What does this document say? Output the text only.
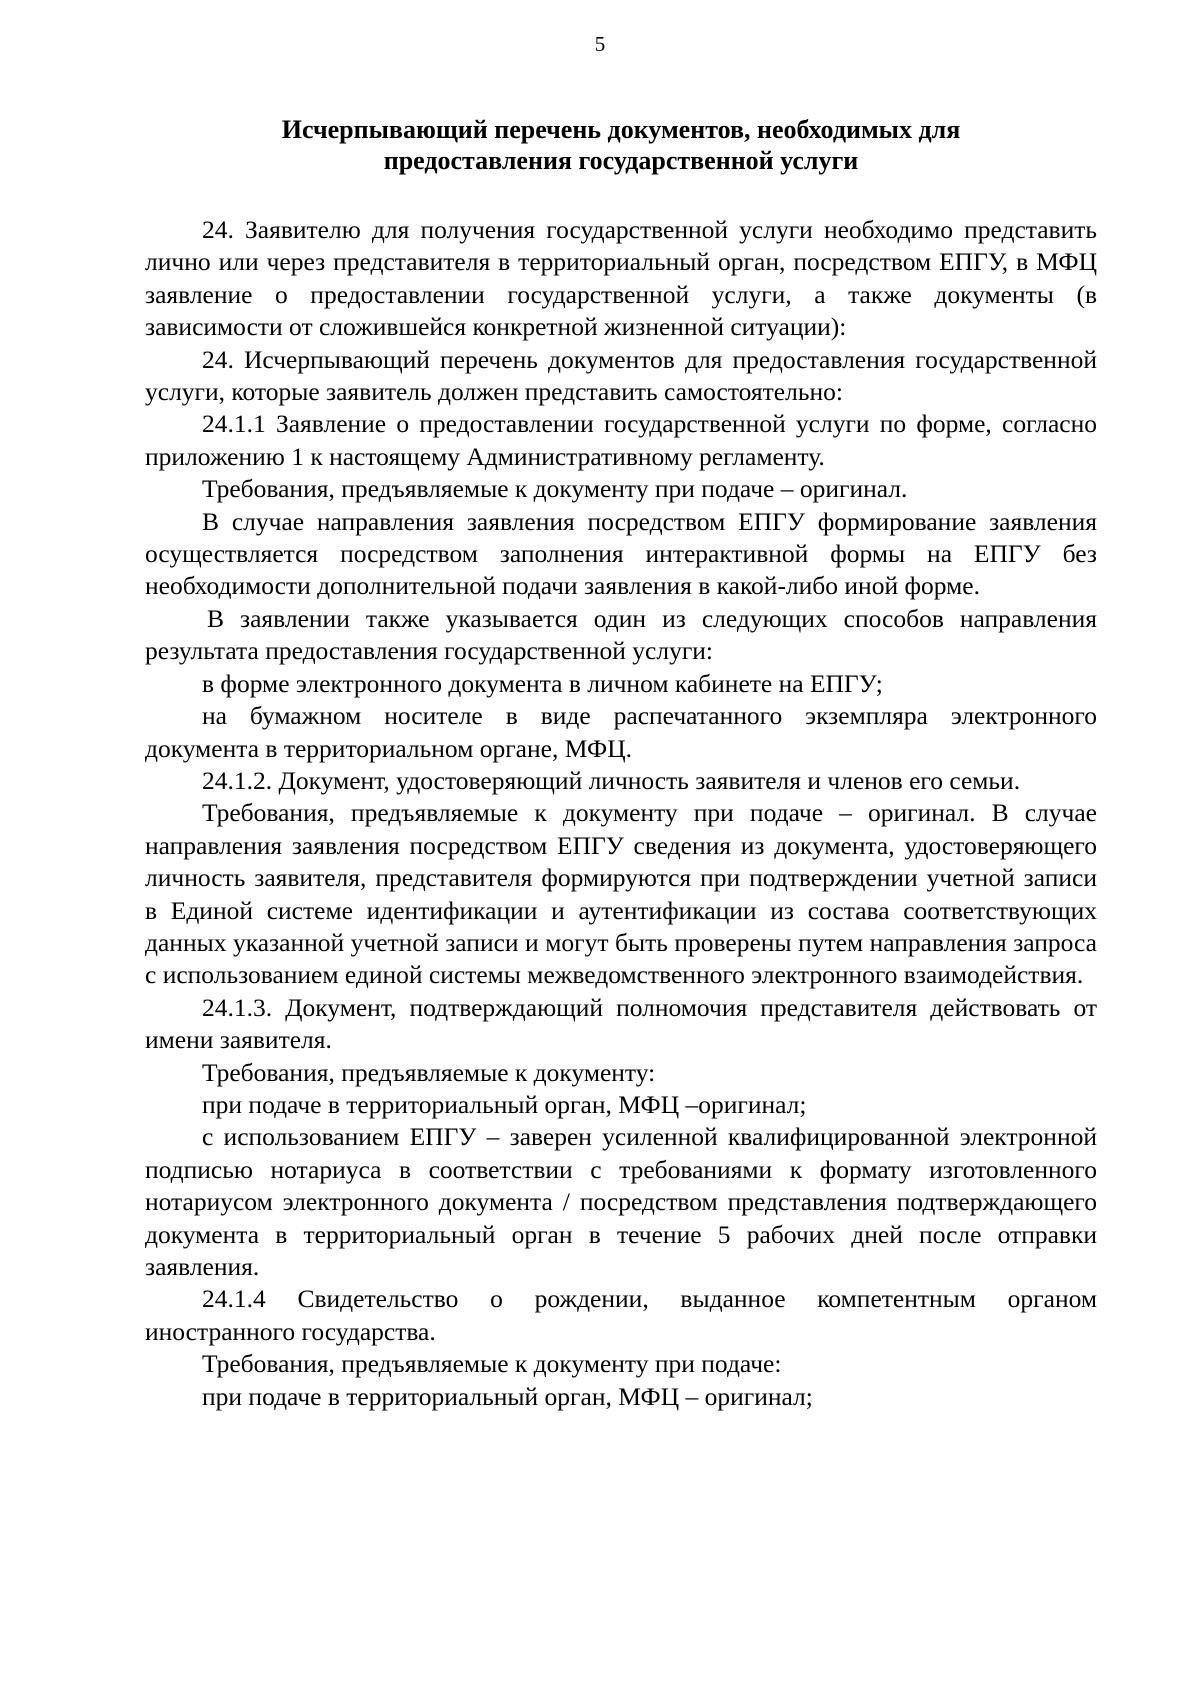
5
Исчерпывающий перечень документов, необходимых для
предоставления государственной услуги

24. Заявителю для получения государственной услуги необходимо представить лично или через представителя в территориальный орган, посредством ЕПГУ, в МФЦ заявление о предоставлении государственной услуги, а также документы (в зависимости от сложившейся конкретной жизненной ситуации):

24. Исчерпывающий перечень документов для предоставления государственной услуги, которые заявитель должен представить самостоятельно:

24.1.1 Заявление о предоставлении государственной услуги по форме, согласно приложению 1 к настоящему Административному регламенту.

Требования, предъявляемые к документу при подаче – оригинал.

В случае направления заявления посредством ЕПГУ формирование заявления осуществляется посредством заполнения интерактивной формы на ЕПГУ без необходимости дополнительной подачи заявления в какой-либо иной форме.

В заявлении также указывается один из следующих способов направления результата предоставления государственной услуги:

в форме электронного документа в личном кабинете на ЕПГУ;

на бумажном носителе в виде распечатанного экземпляра электронного документа в территориальном органе, МФЦ.

24.1.2. Документ, удостоверяющий личность заявителя и членов его семьи.

Требования, предъявляемые к документу при подаче – оригинал. В случае направления заявления посредством ЕПГУ сведения из документа, удостоверяющего личность заявителя, представителя формируются при подтверждении учетной записи в Единой системе идентификации и аутентификации из состава соответствующих данных указанной учетной записи и могут быть проверены путем направления запроса с использованием единой системы межведомственного электронного взаимодействия.

24.1.3. Документ, подтверждающий полномочия представителя действовать от имени заявителя.

Требования, предъявляемые к документу:

при подаче в территориальный орган, МФЦ –оригинал;

с использованием ЕПГУ – заверен усиленной квалифицированной электронной подписью нотариуса в соответствии с требованиями к формату изготовленного нотариусом электронного документа / посредством представления подтверждающего документа в территориальный орган в течение 5 рабочих дней после отправки заявления.

24.1.4 Свидетельство о рождении, выданное компетентным органом иностранного государства.

Требования, предъявляемые к документу при подаче:

при подаче в территориальный орган, МФЦ – оригинал;
